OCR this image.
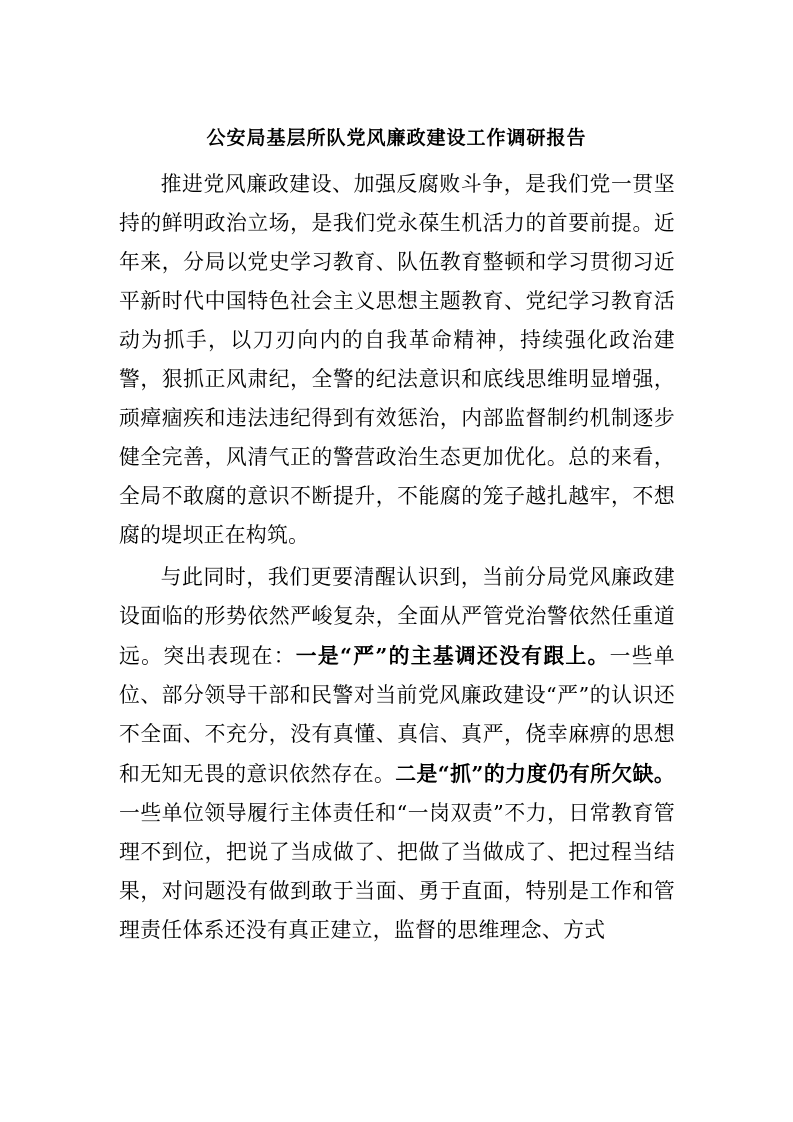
公安局基层所队党风廉政建设工作调研报告

推进党风廉政建设、加强反腐败斗争，是我们党一贯坚持的鲜明政治立场，是我们党永葆生机活力的首要前提。近年来，分局以党史学习教育、队伍教育整顿和学习贯彻习近平新时代中国特色社会主义思想主题教育、党纪学习教育活动为抓手，以刀刃向内的自我革命精神，持续强化政治建警，狠抓正风肃纪，全警的纪法意识和底线思维明显增强，顽瘴痼疾和违法违纪得到有效惩治，内部监督制约机制逐步健全完善，风清气正的警营政治生态更加优化。总的来看，全局不敢腐的意识不断提升，不能腐的笼子越扎越牢，不想腐的堤坝正在构筑。

与此同时，我们更要清醒认识到，当前分局党风廉政建设面临的形势依然严峻复杂，全面从严管党治警依然任重道远。突出表现在：一是“严”的主基调还没有跟上。一些单位、部分领导干部和民警对当前党风廉政建设“严”的认识还不全面、不充分，没有真懂、真信、真严，侥幸麻痹的思想和无知无畏的意识依然存在。二是“抓”的力度仍有所欠缺。一些单位领导履行主体责任和“一岗双责”不力，日常教育管理不到位，把说了当成做了、把做了当做成了、把过程当结果，对问题没有做到敢于当面、勇于直面，特别是工作和管理责任体系还没有真正建立，监督的思维理念、方式
